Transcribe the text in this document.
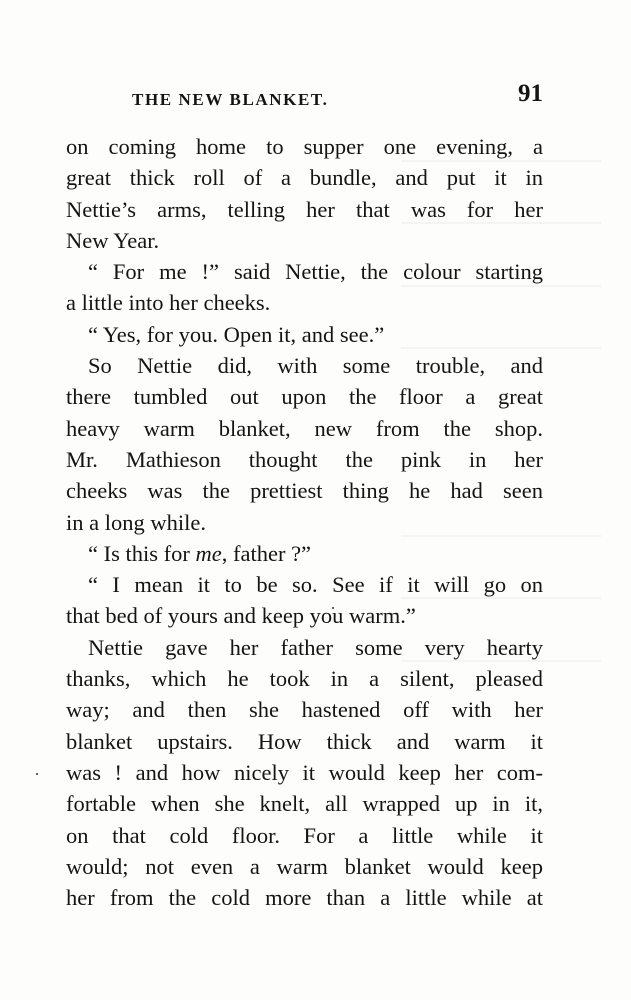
THE NEW BLANKET.	91
on coming home to supper one evening, a
great thick roll of a bundle, and put it in
Nettie’s arms, telling her that was for her
New Year.
“ For me !” said Nettie, the colour starting
a little into her cheeks.
“ Yes, for you. Open it, and see.”
So Nettie did, with some trouble, and
there tumbled out upon the floor a great
heavy warm blanket, new from the shop.
Mr. Mathieson thought the pink in her
cheeks was the prettiest thing he had seen
in a long while.
“ Is this for me, father ?”
“ I mean it to be so. See if it will go on
that bed of yours and keep you warm.”
Nettie gave her father some very hearty
thanks, which he took in a silent, pleased
way; and then she hastened off with her
blanket upstairs. How thick and warm it
was ! and how nicely it would keep her com-
fortable when she knelt, all wrapped up in it,
on that cold floor. For a little while it
would; not even a warm blanket would keep
her from the cold more than a little while at
